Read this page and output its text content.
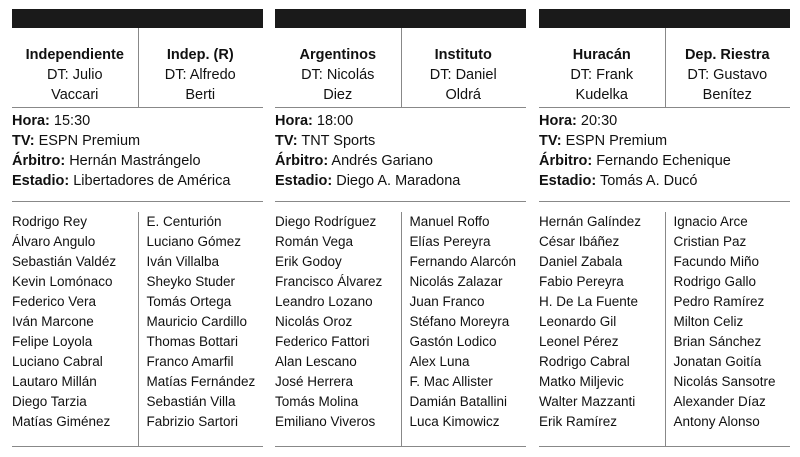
Independiente
DT: Julio
Vaccari
Indep. (R)
DT: Alfredo
Berti
Hora: 15:30
TV: ESPN Premium
Árbitro: Hernán Mastrángelo
Estadio: Libertadores de América
Rodrigo Rey
Álvaro Angulo
Sebastián Valdéz
Kevin Lomónaco
Federico Vera
Iván Marcone
Felipe Loyola
Luciano Cabral
Lautaro Millán
Diego Tarzia
Matías Giménez
E. Centurión
Luciano Gómez
Iván Villalba
Sheyko Studer
Tomás Ortega
Mauricio Cardillo
Thomas Bottari
Franco Amarfil
Matías Fernández
Sebastián Villa
Fabrizio Sartori
Argentinos
DT: Nicolás
Diez
Instituto
DT: Daniel
Oldrá
Hora: 18:00
TV: TNT Sports
Árbitro: Andrés Gariano
Estadio: Diego A. Maradona
Diego Rodríguez
Román Vega
Erik Godoy
Francisco Álvarez
Leandro Lozano
Nicolás Oroz
Federico Fattori
Alan Lescano
José Herrera
Tomás Molina
Emiliano Viveros
Manuel Roffo
Elías Pereyra
Fernando Alarcón
Nicolás Zalazar
Juan Franco
Stéfano Moreyra
Gastón Lodico
Alex Luna
F. Mac Allister
Damián Batallini
Luca Kimowicz
Huracán
DT: Frank
Kudelka
Dep. Riestra
DT: Gustavo
Benítez
Hora: 20:30
TV: ESPN Premium
Árbitro: Fernando Echenique
Estadio: Tomás A. Ducó
Hernán Galíndez
César Ibáñez
Daniel Zabala
Fabio Pereyra
H. De La Fuente
Leonardo Gil
Leonel Pérez
Rodrigo Cabral
Matko Miljevic
Walter Mazzanti
Erik Ramírez
Ignacio Arce
Cristian Paz
Facundo Miño
Rodrigo Gallo
Pedro Ramírez
Milton Celiz
Brian Sánchez
Jonatan Goitía
Nicolás Sansotre
Alexander Díaz
Antony Alonso
